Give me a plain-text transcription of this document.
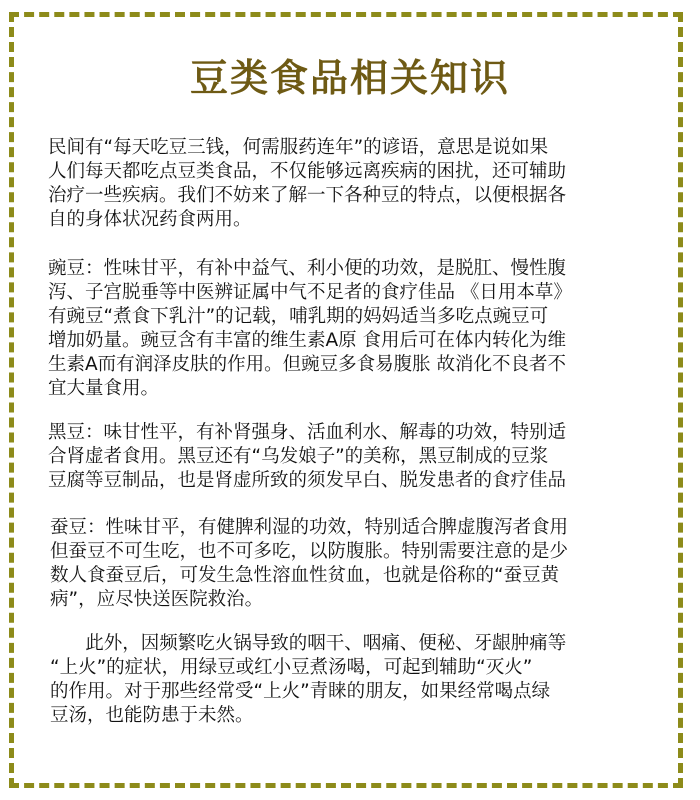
豆类食品相关知识

民间有“每天吃豆三钱，何需服药连年”的谚语，意思是说如果
人们每天都吃点豆类食品，不仅能够远离疾病的困扰，还可辅助
治疗一些疾病。我们不妨来了解一下各种豆的特点，以便根据各
自的身体状况药食两用。

豌豆：性味甘平，有补中益气、利小便的功效，是脱肛、慢性腹
泻、子宫脱垂等中医辨证属中气不足者的食疗佳品 《日用本草》
有豌豆“煮食下乳汁”的记载，哺乳期的妈妈适当多吃点豌豆可
增加奶量。豌豆含有丰富的维生素A原 食用后可在体内转化为维
生素A而有润泽皮肤的作用。但豌豆多食易腹胀 故消化不良者不
宜大量食用。

黑豆：味甘性平，有补肾强身、活血利水、解毒的功效，特别适
合肾虚者食用。黑豆还有“乌发娘子”的美称，黑豆制成的豆浆
豆腐等豆制品，也是肾虚所致的须发早白、脱发患者的食疗佳品

蚕豆：性味甘平，有健脾利湿的功效，特别适合脾虚腹泻者食用
但蚕豆不可生吃，也不可多吃，以防腹胀。特别需要注意的是少
数人食蚕豆后，可发生急性溶血性贫血，也就是俗称的“蚕豆黄
病”，应尽快送医院救治。

此外，因频繁吃火锅导致的咽干、咽痛、便秘、牙龈肿痛等
“上火”的症状，用绿豆或红小豆煮汤喝，可起到辅助“灭火”
的作用。对于那些经常受“上火”青睐的朋友，如果经常喝点绿
豆汤，也能防患于未然。
